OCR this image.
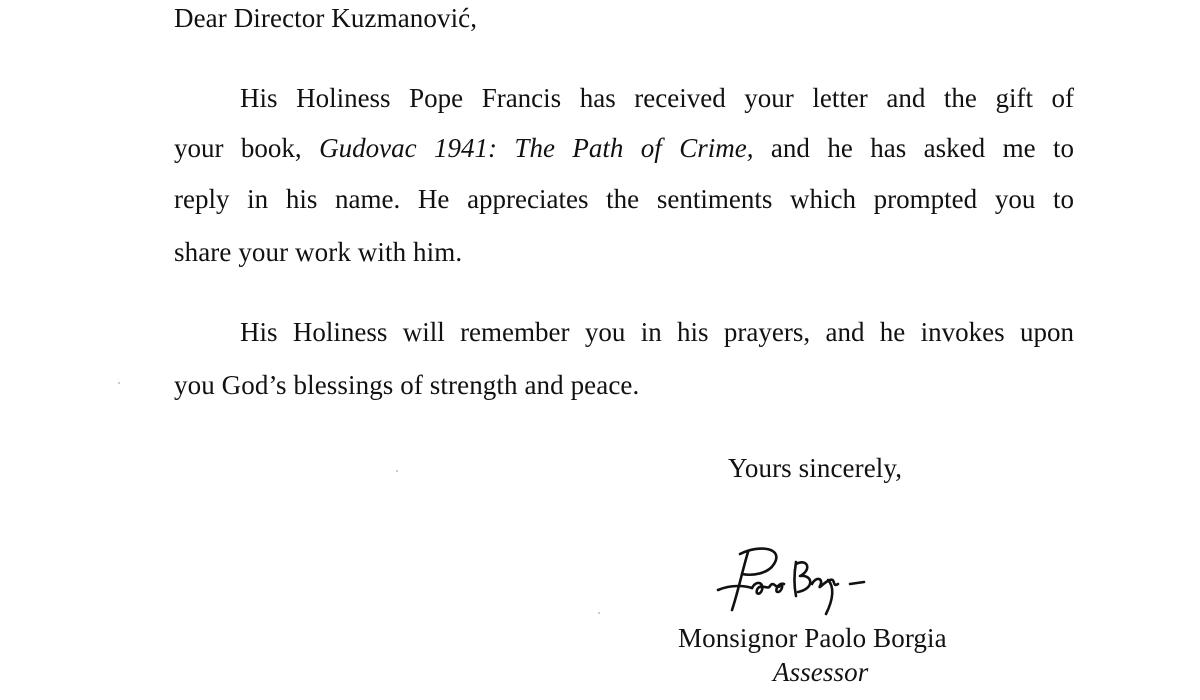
Dear Director Kuzmanović,
His Holiness Pope Francis has received your letter and the gift of
your book, Gudovac 1941: The Path of Crime, and he has asked me to
reply in his name. He appreciates the sentiments which prompted you to
share your work with him.
His Holiness will remember you in his prayers, and he invokes upon
you God’s blessings of strength and peace.
Yours sincerely,
Monsignor Paolo Borgia
Assessor
